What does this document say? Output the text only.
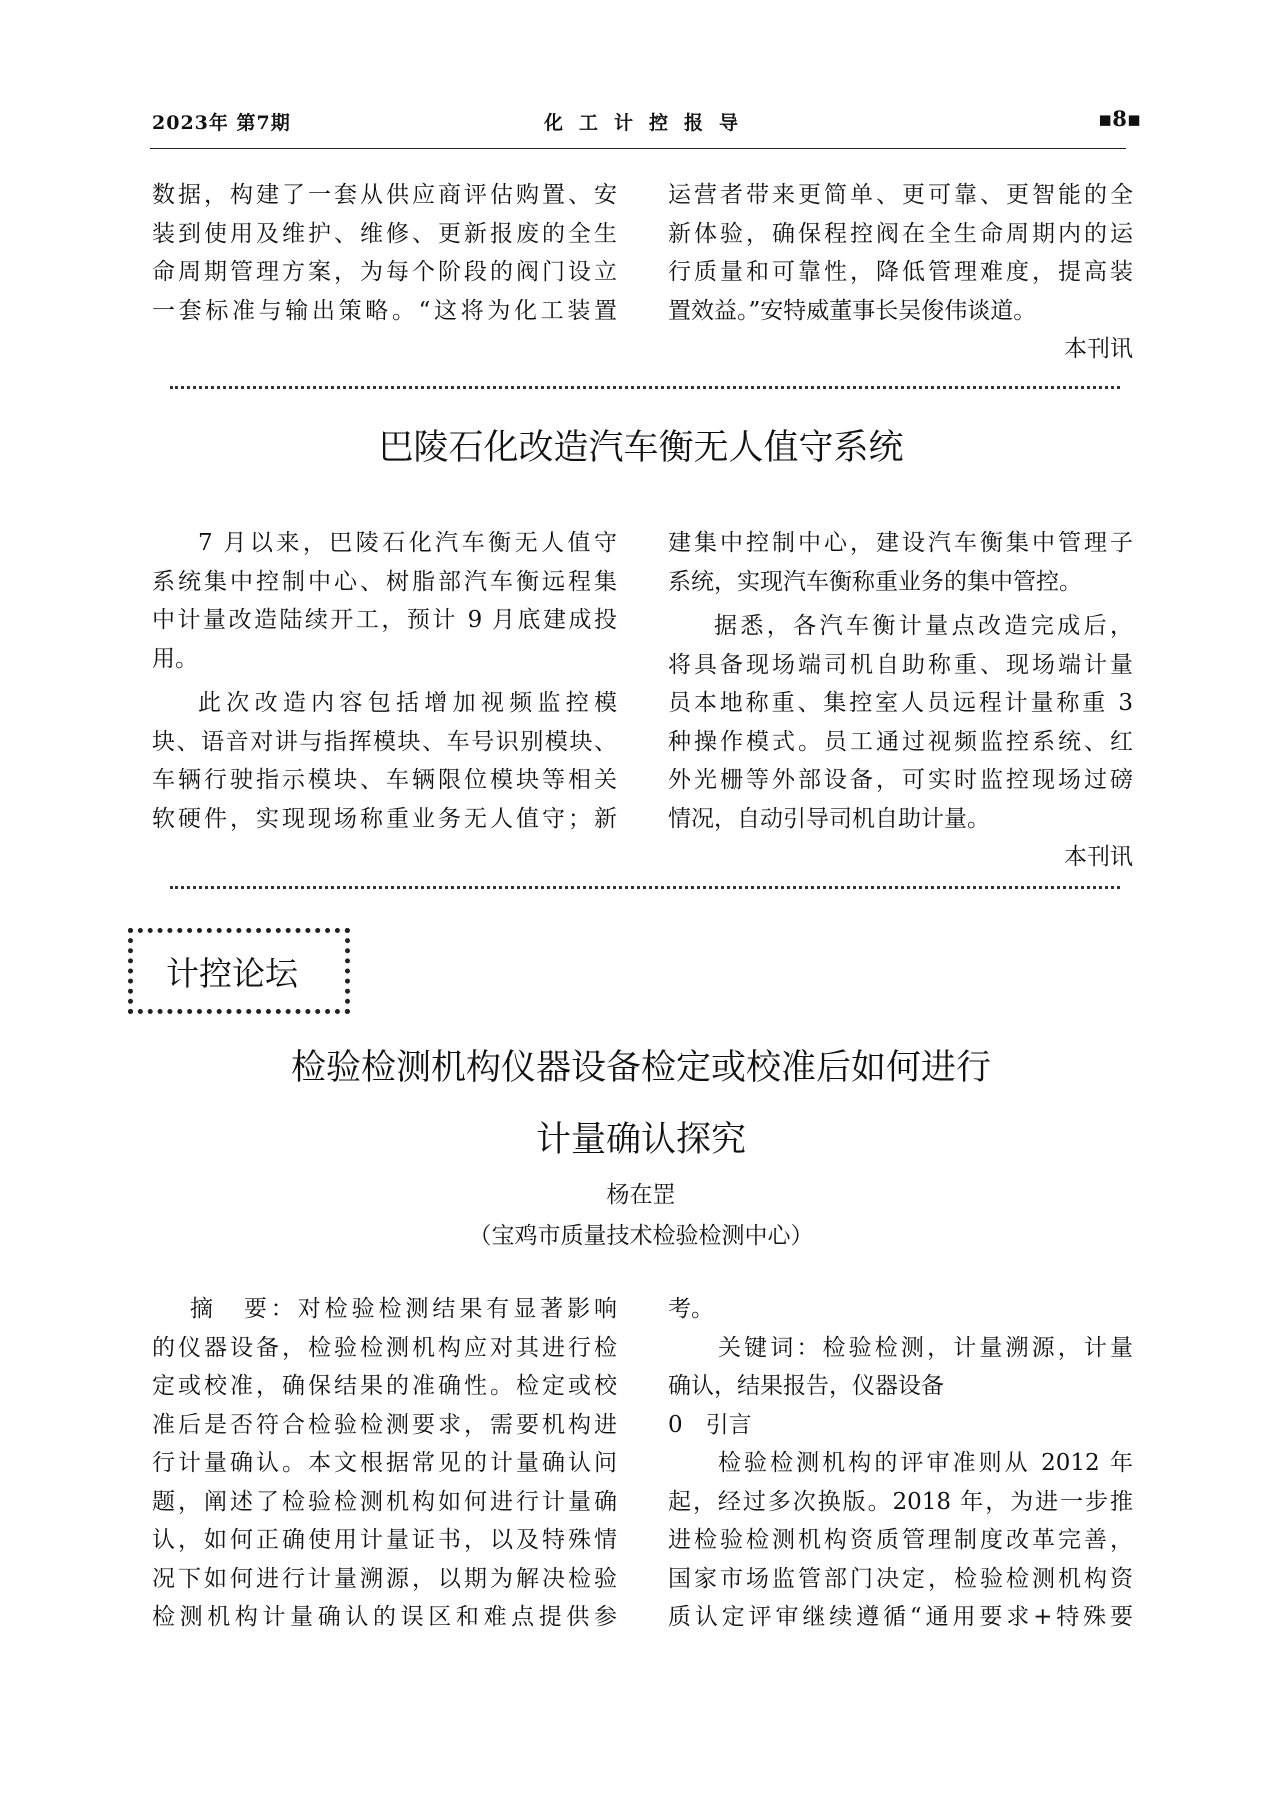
2023年 第7期	化工计控报导	▪8▪
数据，构建了一套从供应商评估购置、安
装到使用及维护、维修、更新报废的全生
命周期管理方案，为每个阶段的阀门设立
一套标准与输出策略。“这将为化工装置
运营者带来更简单、更可靠、更智能的全
新体验，确保程控阀在全生命周期内的运
行质量和可靠性，降低管理难度，提高装
置效益。”安特威董事长吴俊伟谈道。
本刊讯
巴陵石化改造汽车衡无人值守系统
7 月以来，巴陵石化汽车衡无人值守
系统集中控制中心、树脂部汽车衡远程集
中计量改造陆续开工，预计 9 月底建成投
用。
此次改造内容包括增加视频监控模
块、语音对讲与指挥模块、车号识别模块、
车辆行驶指示模块、车辆限位模块等相关
软硬件，实现现场称重业务无人值守；新
建集中控制中心，建设汽车衡集中管理子
系统，实现汽车衡称重业务的集中管控。
据悉，各汽车衡计量点改造完成后，
将具备现场端司机自助称重、现场端计量
员本地称重、集控室人员远程计量称重 3
种操作模式。员工通过视频监控系统、红
外光栅等外部设备，可实时监控现场过磅
情况，自动引导司机自助计量。
本刊讯
计控论坛
检验检测机构仪器设备检定或校准后如何进行
计量确认探究
杨在罡
（宝鸡市质量技术检验检测中心）
摘　要：对检验检测结果有显著影响
的仪器设备，检验检测机构应对其进行检
定或校准，确保结果的准确性。检定或校
准后是否符合检验检测要求，需要机构进
行计量确认。本文根据常见的计量确认问
题，阐述了检验检测机构如何进行计量确
认，如何正确使用计量证书，以及特殊情
况下如何进行计量溯源，以期为解决检验
检测机构计量确认的误区和难点提供参
考。
关键词：检验检测，计量溯源，计量
确认，结果报告，仪器设备
0　引言
检验检测机构的评审准则从 2012 年
起，经过多次换版。2018 年，为进一步推
进检验检测机构资质管理制度改革完善，
国家市场监管部门决定，检验检测机构资
质认定评审继续遵循“通用要求+特殊要
